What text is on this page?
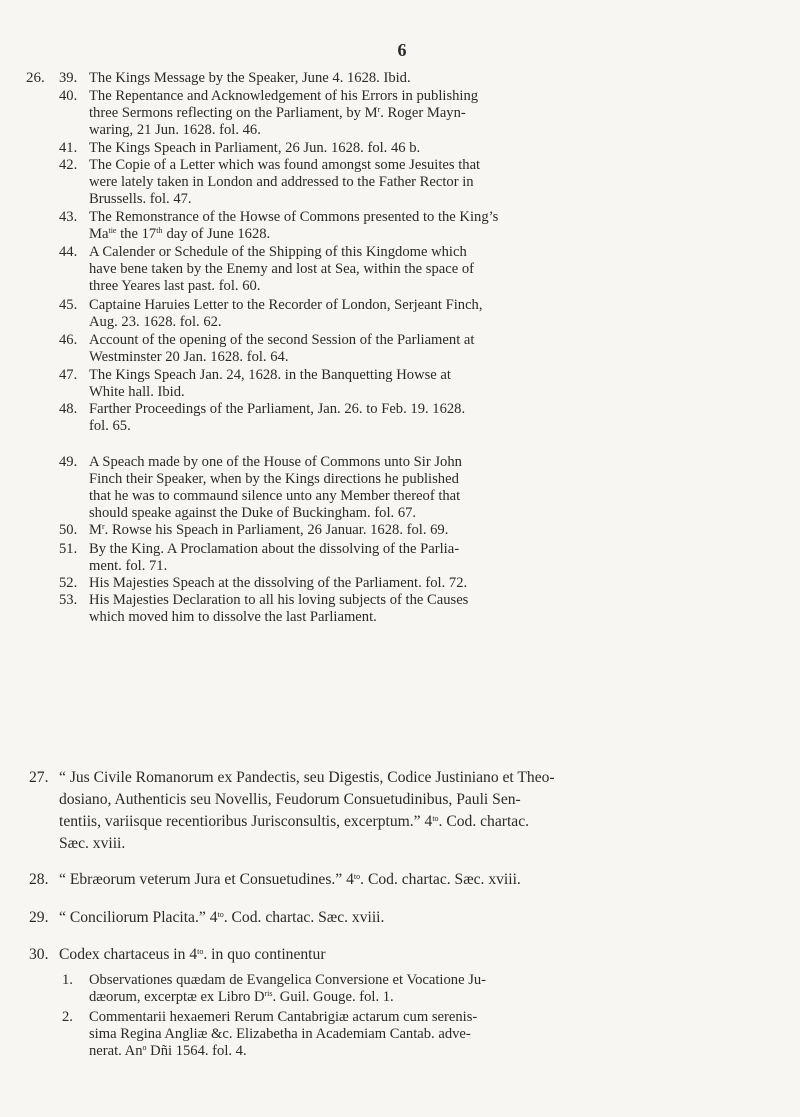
6
26. 39. The Kings Message by the Speaker, June 4. 1628. Ibid.
40. The Repentance and Acknowledgement of his Errors in publishing
three Sermons reflecting on the Parliament, by $M^r$. Roger Mayn-
waring, 21 Jun. 1628. fol. 46.
41. The Kings Speach in Parliament, 26 Jun. 1628. fol. 46 b.
42. The Copie of a Letter which was found amongst some Jesuites that
were lately taken in London and addressed to the Father Rector in
Brussells. fol. 47.
43. The Remonstrance of the Howse of Commons presented to the King’s
$Ma^{tie}$ the 17th day of June 1628.
44. A Calender or Schedule of the Shipping of this Kingdome which
have bene taken by the Enemy and lost at Sea, within the space of
three Yeares last past. fol. 60.
45. Captaine Haruies Letter to the Recorder of London, Serjeant Finch,
Aug. 23. 1628. fol. 62.
46. Account of the opening of the second Session of the Parliament at
Westminster 20 Jan. 1628. fol. 64.
47. The Kings Speach Jan. 24, 1628. in the Banquetting Howse at
White hall. Ibid.
48. Farther Proceedings of the Parliament, Jan. 26. to Feb. 19. 1628.
fol. 65.
49. A Speach made by one of the House of Commons unto Sir John
Finch their Speaker, when by the Kings directions he published
that he was to commaund silence unto any Member thereof that
should speake against the Duke of Buckingham. fol. 67.
50. $M^r$. Rowse his Speach in Parliament, 26 Januar. 1628. fol. 69.
51. By the King. A Proclamation about the dissolving of the Parlia-
ment. fol. 71.
52. His Majesties Speach at the dissolving of the Parliament. fol. 72.
53. His Majesties Declaration to all his loving subjects of the Causes
which moved him to dissolve the last Parliament.
27. “ Jus Civile Romanorum ex Pandectis, seu Digestis, Codice Justiniano et Theo-
dosiano, Authenticis seu Novellis, Feudorum Consuetudinibus, Pauli Sen-
tentiis, variisque recentioribus Jurisconsultis, excerptum.” $4^{to}$. Cod. chartac.
Sæc. xviii.
28. “ Ebræorum veterum Jura et Consuetudines.” $4^{to}$. Cod. chartac. Sæc. xviii.
29. “ Conciliorum Placita.” $4^{to}$. Cod. chartac. Sæc. xviii.
30. Codex chartaceus in $4^{to}$. in quo continentur
1. Observationes quædam de Evangelica Conversione et Vocatione Ju-
dæorum, excerptæ ex Libro $D^{ris}$. Guil. Gouge. fol. 1.
2. Commentarii hexaemeri Rerum Cantabrigiæ actarum cum serenis-
sima Regina Angliæ &c. Elizabetha in Academiam Cantab. adve-
nerat. An$^o$ Dñi 1564. fol. 4.
